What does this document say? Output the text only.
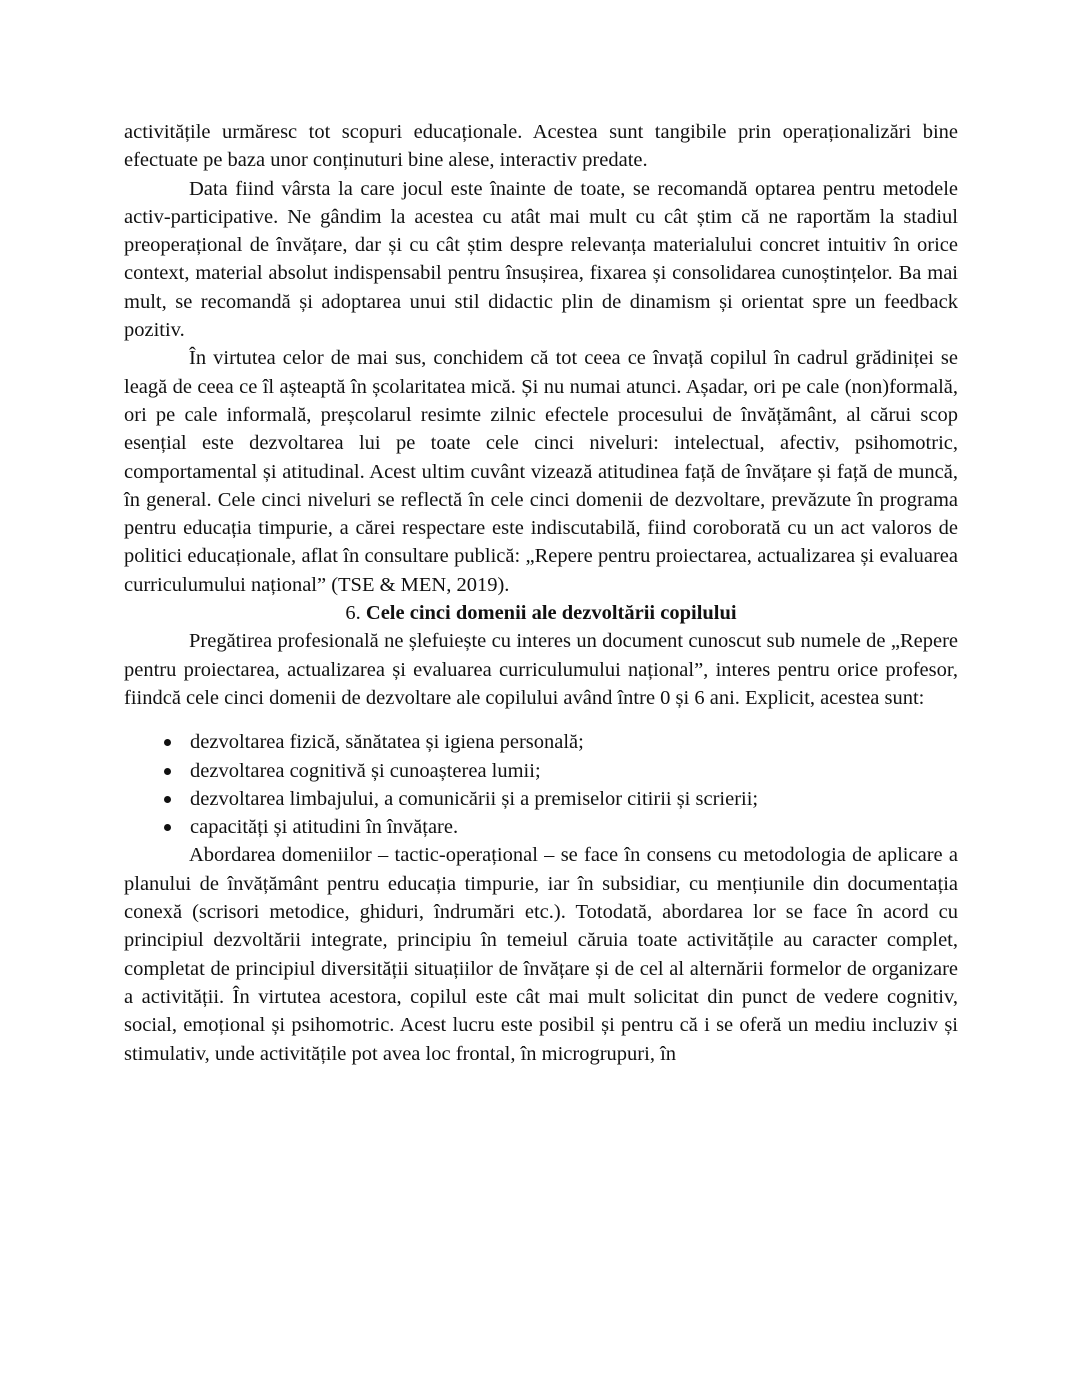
activitățile urmăresc tot scopuri educaționale. Acestea sunt tangibile prin operaționalizări bine efectuate pe baza unor conținuturi bine alese, interactiv predate.

Data fiind vârsta la care jocul este înainte de toate, se recomandă optarea pentru metodele activ-participative. Ne gândim la acestea cu atât mai mult cu cât știm că ne raportăm la stadiul preoperațional de învățare, dar și cu cât știm despre relevanța materialului concret intuitiv în orice context, material absolut indispensabil pentru însușirea, fixarea și consolidarea cunoștințelor. Ba mai mult, se recomandă și adoptarea unui stil didactic plin de dinamism și orientat spre un feedback pozitiv.

În virtutea celor de mai sus, conchidem că tot ceea ce învață copilul în cadrul grădiniței se leagă de ceea ce îl așteaptă în școlaritatea mică. Și nu numai atunci. Așadar, ori pe cale (non)formală, ori pe cale informală, preșcolarul resimte zilnic efectele procesului de învățământ, al cărui scop esențial este dezvoltarea lui pe toate cele cinci niveluri: intelectual, afectiv, psihomotric, comportamental și atitudinal. Acest ultim cuvânt vizează atitudinea față de învățare și față de muncă, în general. Cele cinci niveluri se reflectă în cele cinci domenii de dezvoltare, prevăzute în programa pentru educația timpurie, a cărei respectare este indiscutabilă, fiind coroborată cu un act valoros de politici educaționale, aflat în consultare publică: „Repere pentru proiectarea, actualizarea și evaluarea curriculumului național” (TSE & MEN, 2019).

6. Cele cinci domenii ale dezvoltării copilului

Pregătirea profesională ne șlefuiește cu interes un document cunoscut sub numele de „Repere pentru proiectarea, actualizarea și evaluarea curriculumului național”, interes pentru orice profesor, fiindcă cele cinci domenii de dezvoltare ale copilului având între 0 și 6 ani. Explicit, acestea sunt:

dezvoltarea fizică, sănătatea și igiena personală;
dezvoltarea cognitivă și cunoașterea lumii;
dezvoltarea limbajului, a comunicării și a premiselor citirii și scrierii;
capacități și atitudini în învățare.

Abordarea domeniilor – tactic‑operațional – se face în consens cu metodologia de aplicare a planului de învățământ pentru educația timpurie, iar în subsidiar, cu mențiunile din documentația conexă (scrisori metodice, ghiduri, îndrumări etc.). Totodată, abordarea lor se face în acord cu principiul dezvoltării integrate, principiu în temeiul căruia toate activitățile au caracter complet, completat de principiul diversității situațiilor de învățare și de cel al alternării formelor de organizare a activității. În virtutea acestora, copilul este cât mai mult solicitat din punct de vedere cognitiv, social, emoțional și psihomotric. Acest lucru este posibil și pentru că i se oferă un mediu incluziv și stimulativ, unde activitățile pot avea loc frontal, în microgrupuri, în
